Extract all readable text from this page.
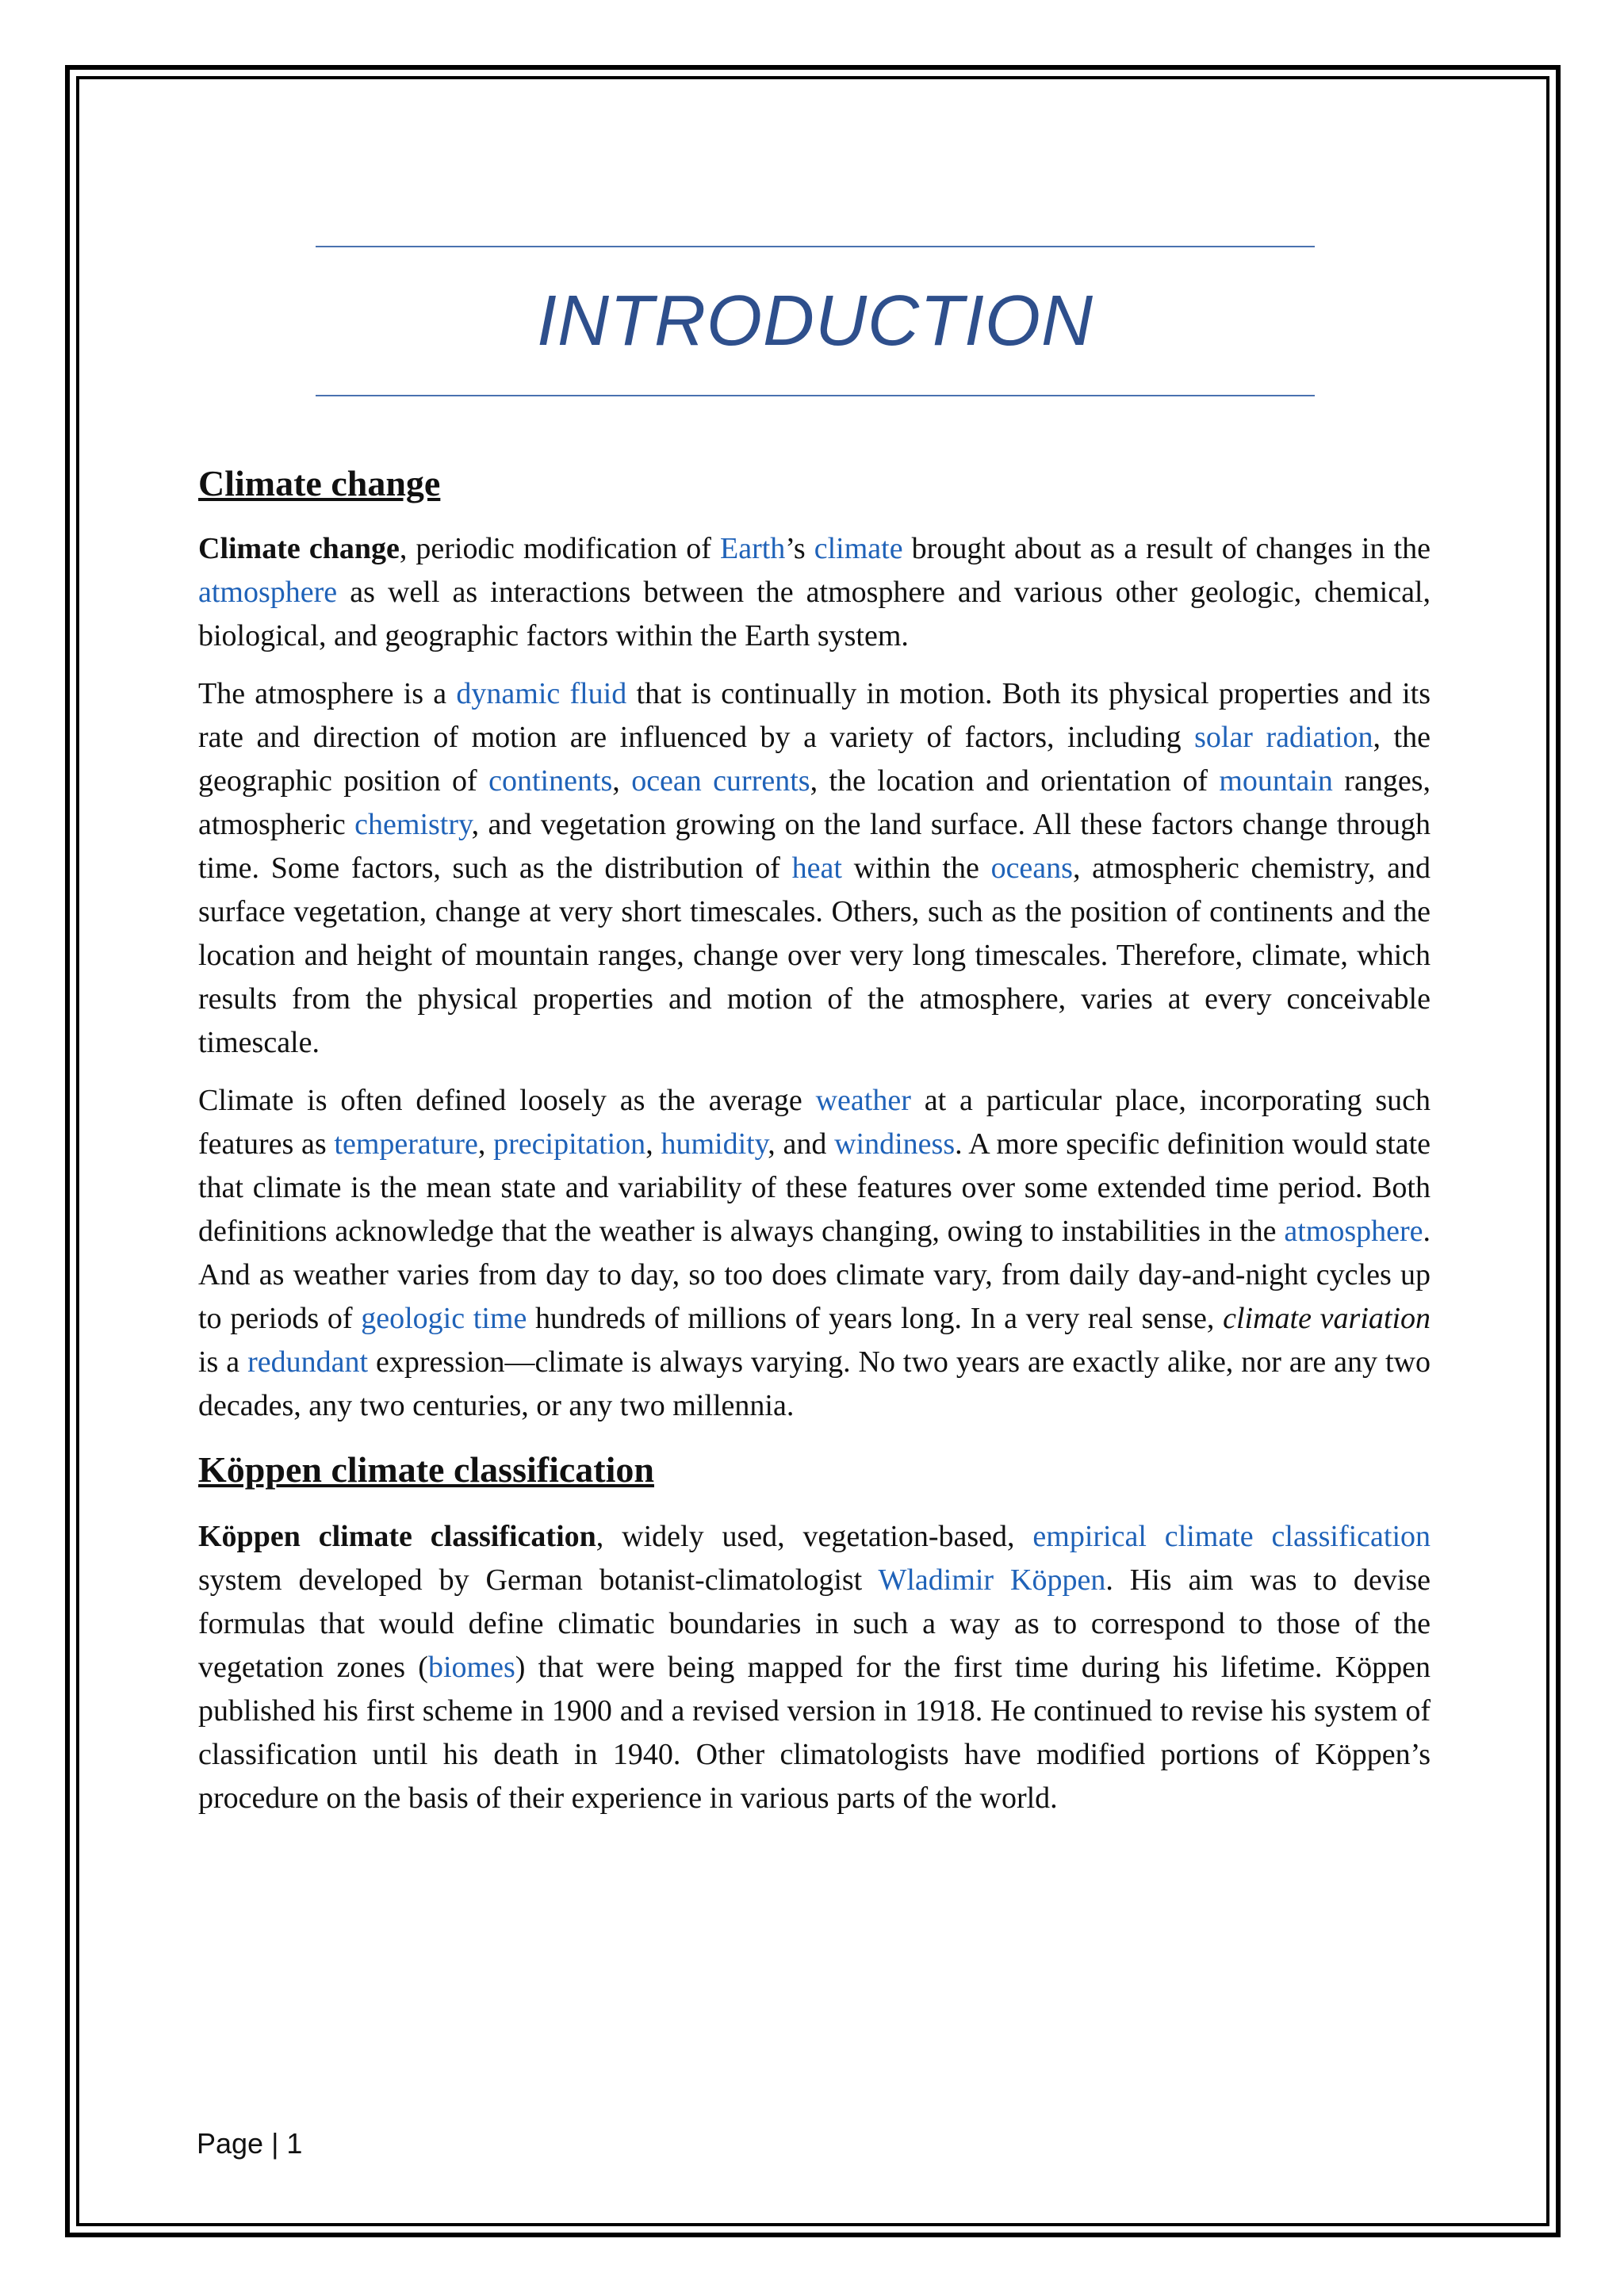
INTRODUCTION
Climate change

Climate change, periodic modification of Earth’s climate brought about as a result of changes in the atmosphere as well as interactions between the atmosphere and various other geologic, chemical, biological, and geographic factors within the Earth system.

The atmosphere is a dynamic fluid that is continually in motion. Both its physical properties and its rate and direction of motion are influenced by a variety of factors, including solar radiation, the geographic position of continents, ocean currents, the location and orientation of mountain ranges, atmospheric chemistry, and vegetation growing on the land surface. All these factors change through time. Some factors, such as the distribution of heat within the oceans, atmospheric chemistry, and surface vegetation, change at very short timescales. Others, such as the position of continents and the location and height of mountain ranges, change over very long timescales. Therefore, climate, which results from the physical properties and motion of the atmosphere, varies at every conceivable timescale.

Climate is often defined loosely as the average weather at a particular place, incorporating such features as temperature, precipitation, humidity, and windiness. A more specific definition would state that climate is the mean state and variability of these features over some extended time period. Both definitions acknowledge that the weather is always changing, owing to instabilities in the atmosphere. And as weather varies from day to day, so too does climate vary, from daily day-and-night cycles up to periods of geologic time hundreds of millions of years long. In a very real sense, climate variation is a redundant expression—climate is always varying. No two years are exactly alike, nor are any two decades, any two centuries, or any two millennia.

Köppen climate classification

Köppen climate classification, widely used, vegetation-based, empirical climate classification system developed by German botanist-climatologist Wladimir Köppen. His aim was to devise formulas that would define climatic boundaries in such a way as to correspond to those of the vegetation zones (biomes) that were being mapped for the first time during his lifetime. Köppen published his first scheme in 1900 and a revised version in 1918. He continued to revise his system of classification until his death in 1940. Other climatologists have modified portions of Köppen’s procedure on the basis of their experience in various parts of the world.

Page | 1
